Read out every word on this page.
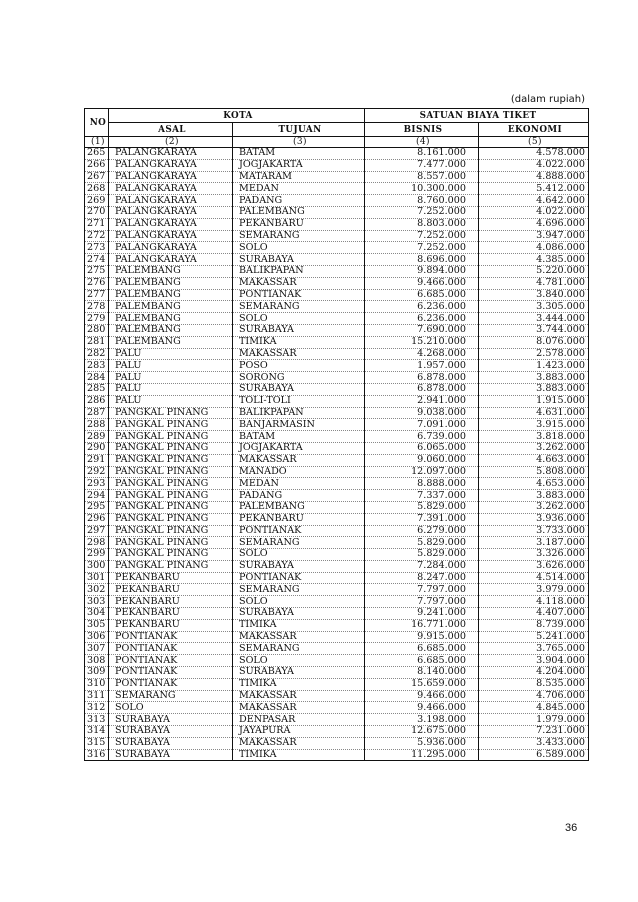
(dalam rupiah)
NO	KOTA		SATUAN BIAYA TIKET	
	ASAL	TUJUAN	BISNIS	EKONOMI
(1)	(2)	(3)	(4)	(5)
265	PALANGKARAYA	BATAM	8.161.000	4.578.000
266	PALANGKARAYA	JOGJAKARTA	7.477.000	4.022.000
267	PALANGKARAYA	MATARAM	8.557.000	4.888.000
268	PALANGKARAYA	MEDAN	10.300.000	5.412.000
269	PALANGKARAYA	PADANG	8.760.000	4.642.000
270	PALANGKARAYA	PALEMBANG	7.252.000	4.022.000
271	PALANGKARAYA	PEKANBARU	8.803.000	4.696.000
272	PALANGKARAYA	SEMARANG	7.252.000	3.947.000
273	PALANGKARAYA	SOLO	7.252.000	4.086.000
274	PALANGKARAYA	SURABAYA	8.696.000	4.385.000
275	PALEMBANG	BALIKPAPAN	9.894.000	5.220.000
276	PALEMBANG	MAKASSAR	9.466.000	4.781.000
277	PALEMBANG	PONTIANAK	6.685.000	3.840.000
278	PALEMBANG	SEMARANG	6.236.000	3.305.000
279	PALEMBANG	SOLO	6.236.000	3.444.000
280	PALEMBANG	SURABAYA	7.690.000	3.744.000
281	PALEMBANG	TIMIKA	15.210.000	8.076.000
282	PALU	MAKASSAR	4.268.000	2.578.000
283	PALU	POSO	1.957.000	1.423.000
284	PALU	SORONG	6.878.000	3.883.000
285	PALU	SURABAYA	6.878.000	3.883.000
286	PALU	TOLI-TOLI	2.941.000	1.915.000
287	PANGKAL PINANG	BALIKPAPAN	9.038.000	4.631.000
288	PANGKAL PINANG	BANJARMASIN	7.091.000	3.915.000
289	PANGKAL PINANG	BATAM	6.739.000	3.818.000
290	PANGKAL PINANG	JOGJAKARTA	6.065.000	3.262.000
291	PANGKAL PINANG	MAKASSAR	9.060.000	4.663.000
292	PANGKAL PINANG	MANADO	12.097.000	5.808.000
293	PANGKAL PINANG	MEDAN	8.888.000	4.653.000
294	PANGKAL PINANG	PADANG	7.337.000	3.883.000
295	PANGKAL PINANG	PALEMBANG	5.829.000	3.262.000
296	PANGKAL PINANG	PEKANBARU	7.391.000	3.936.000
297	PANGKAL PINANG	PONTIANAK	6.279.000	3.733.000
298	PANGKAL PINANG	SEMARANG	5.829.000	3.187.000
299	PANGKAL PINANG	SOLO	5.829.000	3.326.000
300	PANGKAL PINANG	SURABAYA	7.284.000	3.626.000
301	PEKANBARU	PONTIANAK	8.247.000	4.514.000
302	PEKANBARU	SEMARANG	7.797.000	3.979.000
303	PEKANBARU	SOLO	7.797.000	4.118.000
304	PEKANBARU	SURABAYA	9.241.000	4.407.000
305	PEKANBARU	TIMIKA	16.771.000	8.739.000
306	PONTIANAK	MAKASSAR	9.915.000	5.241.000
307	PONTIANAK	SEMARANG	6.685.000	3.765.000
308	PONTIANAK	SOLO	6.685.000	3.904.000
309	PONTIANAK	SURABAYA	8.140.000	4.204.000
310	PONTIANAK	TIMIKA	15.659.000	8.535.000
311	SEMARANG	MAKASSAR	9.466.000	4.706.000
312	SOLO	MAKASSAR	9.466.000	4.845.000
313	SURABAYA	DENPASAR	3.198.000	1.979.000
314	SURABAYA	JAYAPURA	12.675.000	7.231.000
315	SURABAYA	MAKASSAR	5.936.000	3.433.000
316	SURABAYA	TIMIKA	11.295.000	6.589.000
36
